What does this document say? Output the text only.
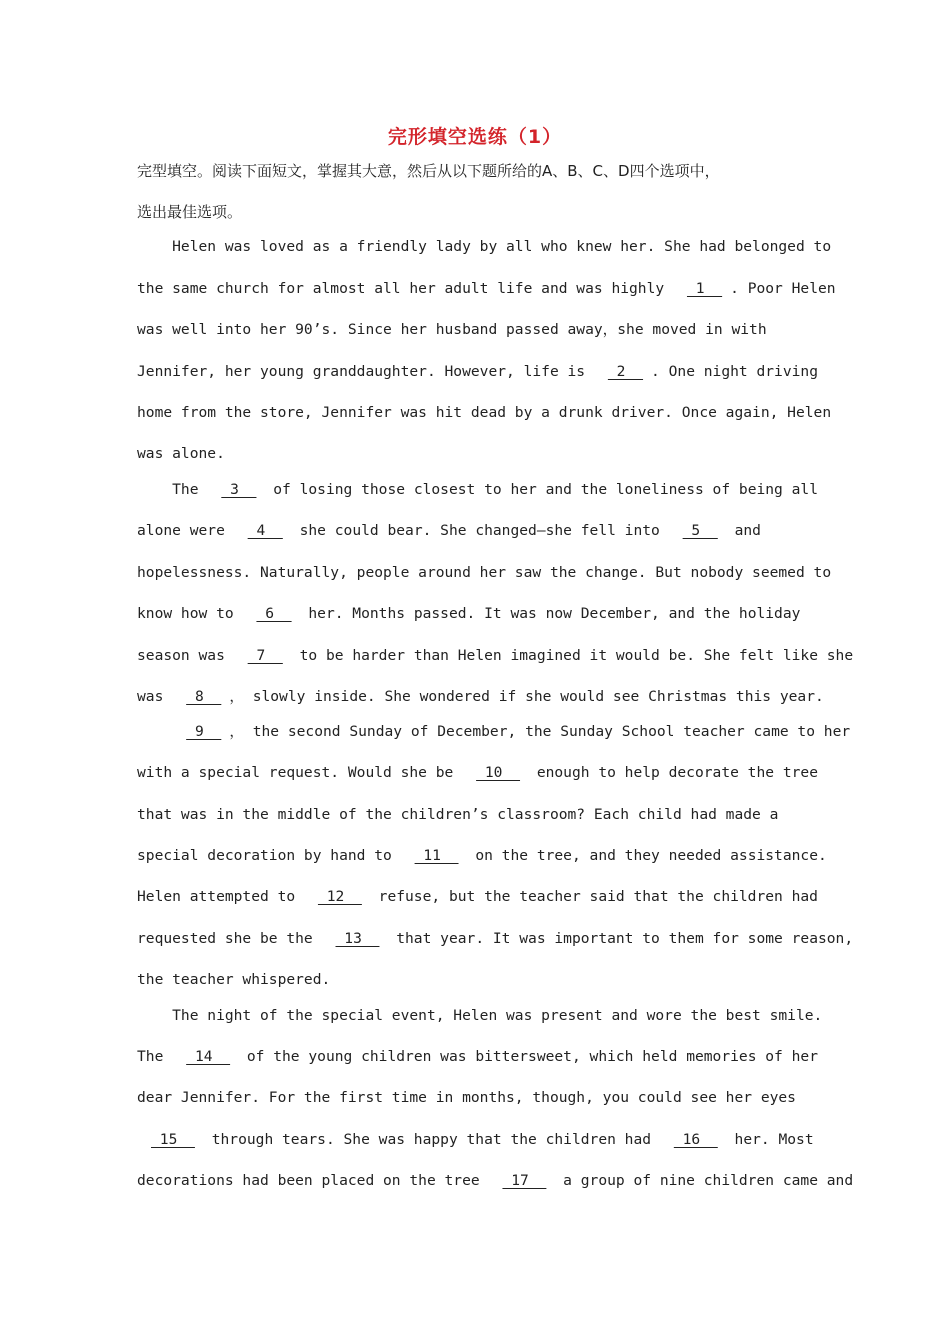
完形填空选练（1）
完型填空。阅读下面短文，掌握其大意，然后从以下题所给的A、B、C、D四个选项中，
选出最佳选项。
Helen was loved as a friendly lady by all who knew her. She had belonged to
the same church for almost all her adult life and was highly  1  . Poor Helen
was well into her 90’s. Since her husband passed away，she moved in with
Jennifer, her young granddaughter. However, life is  2  . One night driving
home from the store, Jennifer was hit dead by a drunk driver. Once again, Helen
was alone.
The  3   of losing those closest to her and the loneliness of being all
alone were  4   she could bear. She changed—she fell into  5   and
hopelessness. Naturally, people around her saw the change. But nobody seemed to
know how to  6   her. Months passed. It was now December, and the holiday
season was  7   to be harder than Helen imagined it would be. She felt like she
was  8  ， slowly inside. She wondered if she would see Christmas this year.
9  ， the second Sunday of December, the Sunday School teacher came to her
with a special request. Would she be  10   enough to help decorate the tree
that was in the middle of the children’s classroom? Each child had made a
special decoration by hand to  11   on the tree, and they needed assistance.
Helen attempted to  12   refuse, but the teacher said that the children had
requested she be the  13   that year. It was important to them for some reason,
the teacher whispered.
The night of the special event, Helen was present and wore the best smile.
The  14   of the young children was bittersweet, which held memories of her
dear Jennifer. For the first time in months, though, you could see her eyes
15   through tears. She was happy that the children had  16   her. Most
decorations had been placed on the tree  17   a group of nine children came and
